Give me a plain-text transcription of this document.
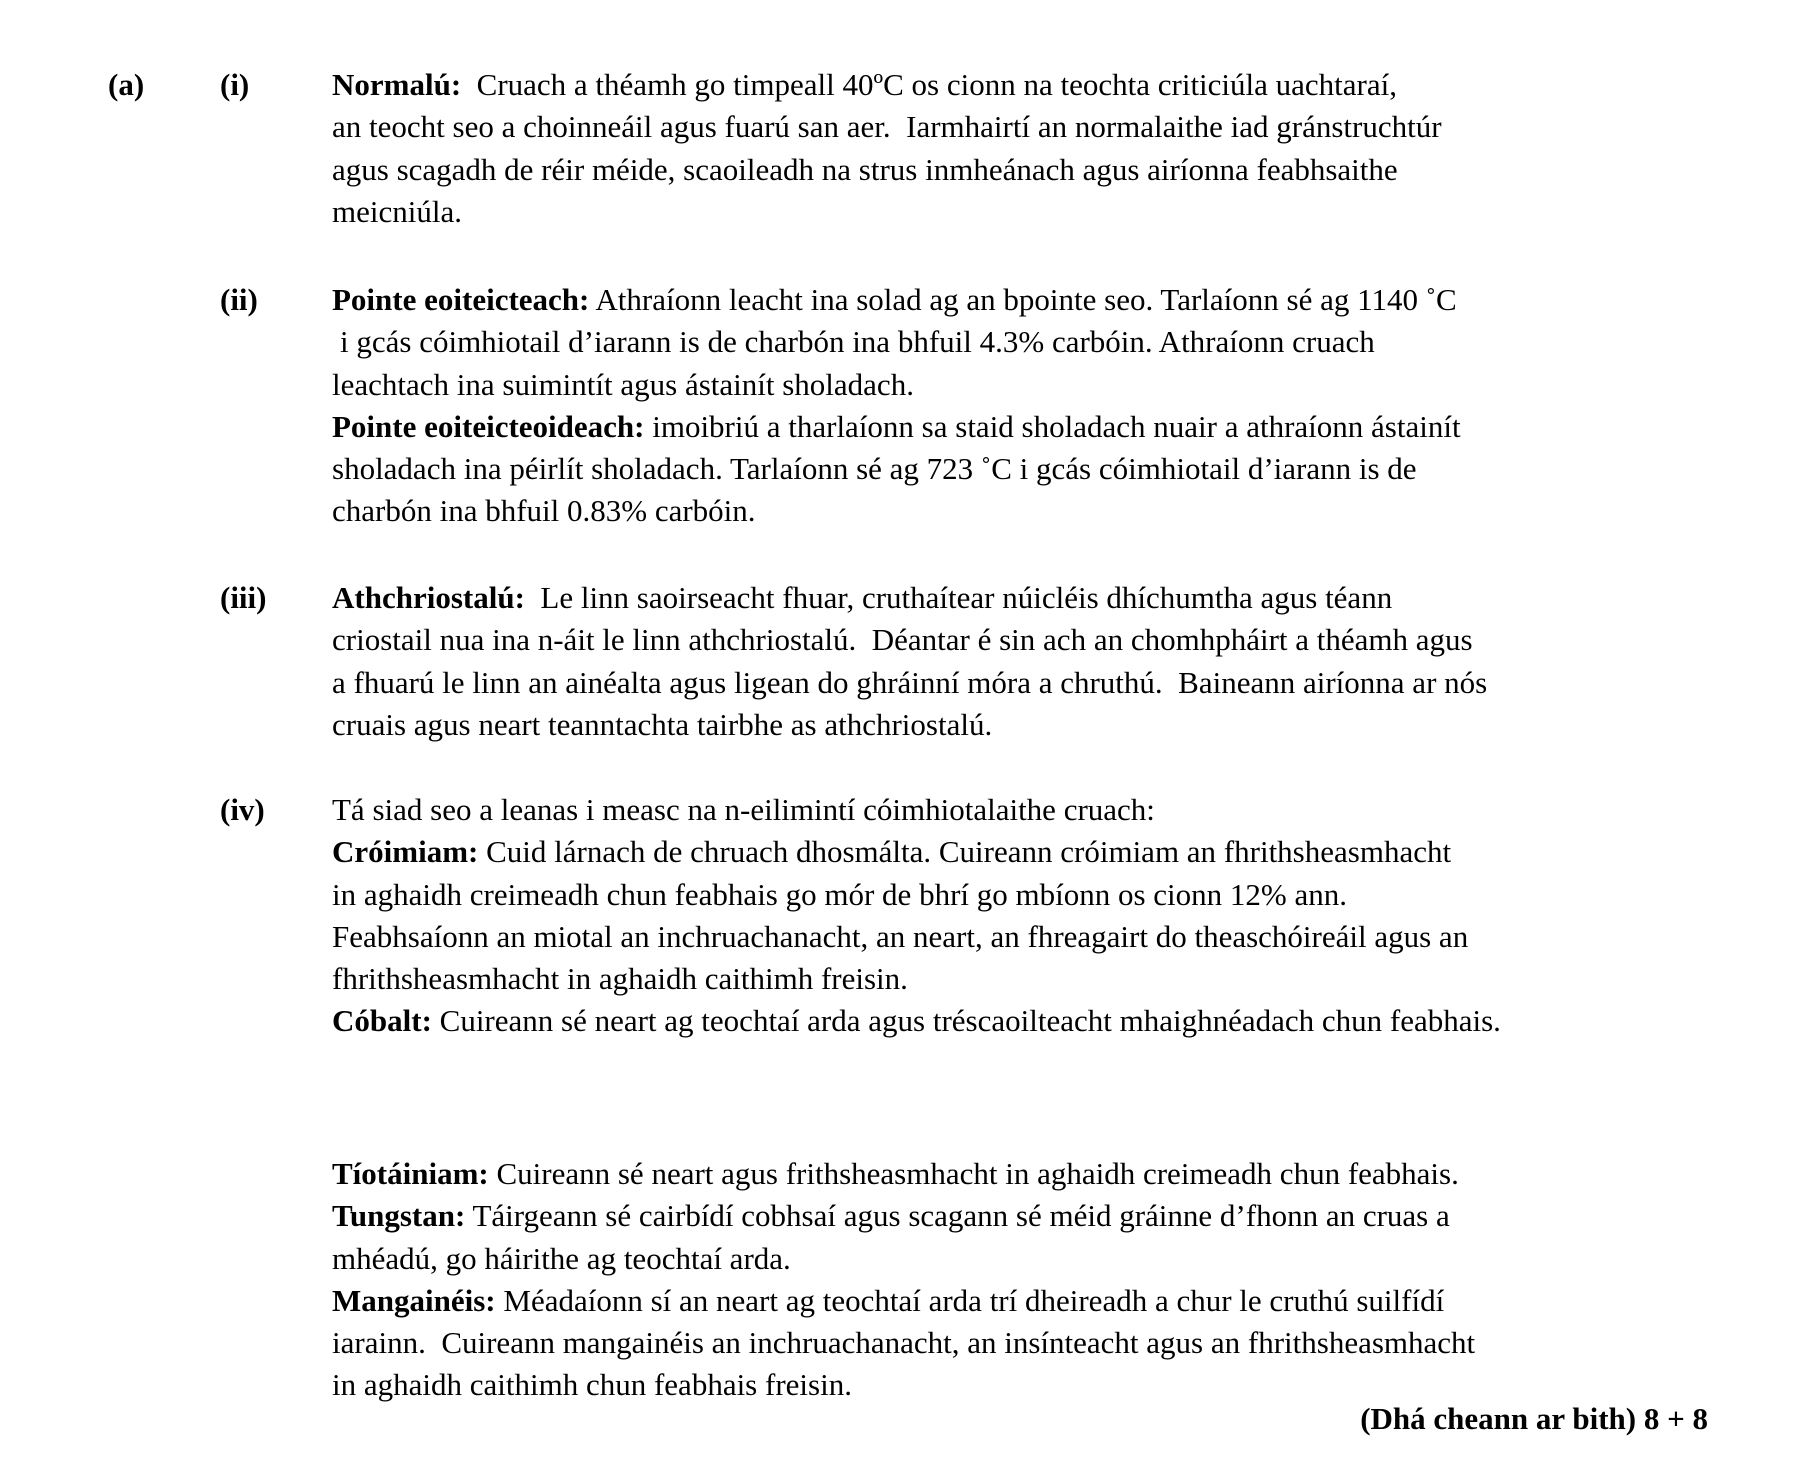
(a) (i)	Normalú:  Cruach a théamh go timpeall 40ºC os cionn na teochta criticiúla uachtaraí,
an teocht seo a choinneáil agus fuarú san aer.  Iarmhairtí an normalaithe iad gránstruchtúr
agus scagadh de réir méide, scaoileadh na strus inmheánach agus airíonna feabhsaithe
meicniúla.
(ii) Pointe eoiteicteach: Athraíonn leacht ina solad ag an bpointe seo. Tarlaíonn sé ag 1140 ˚C
i gcás cóimhiotail d’iarann is de charbón ina bhfuil 4.3% carbóin. Athraíonn cruach
leachtach ina suimintít agus ástainít sholadach.
Pointe eoiteicteoideach: imoibriú a tharlaíonn sa staid sholadach nuair a athraíonn ástainít
sholadach ina péirlít sholadach. Tarlaíonn sé ag 723 ˚C i gcás cóimhiotail d’iarann is de
charbón ina bhfuil 0.83% carbóin.
(iii) Athchriostalú:  Le linn saoirseacht fhuar, cruthaítear núicléis dhíchumtha agus téann
criostail nua ina n-áit le linn athchriostalú.  Déantar é sin ach an chomhpháirt a théamh agus
a fhuarú le linn an ainéalta agus ligean do ghráinní móra a chruthú.  Baineann airíonna ar nós
cruais agus neart teanntachta tairbhe as athchriostalú.
(iv) Tá siad seo a leanas i measc na n-eilimintí cóimhiotalaithe cruach:
Cróimiam: Cuid lárnach de chruach dhosmálta. Cuireann cróimiam an fhrithsheasmhacht
in aghaidh creimeadh chun feabhais go mór de bhrí go mbíonn os cionn 12% ann.
Feabhsaíonn an miotal an inchruachanacht, an neart, an fhreagairt do theaschóireáil agus an
fhrithsheasmhacht in aghaidh caithimh freisin.
Cóbalt: Cuireann sé neart ag teochtaí arda agus tréscaoilteacht mhaighnéadach chun feabhais.
Tíotáiniam: Cuireann sé neart agus frithsheasmhacht in aghaidh creimeadh chun feabhais.
Tungstan: Táirgeann sé cairbídí cobhsaí agus scagann sé méid gráinne d’fhonn an cruas a
mhéadú, go háirithe ag teochtaí arda.
Mangainéis: Méadaíonn sí an neart ag teochtaí arda trí dheireadh a chur le cruthú suilfídí
iarainn.  Cuireann mangainéis an inchruachanacht, an insínteacht agus an fhrithsheasmhacht
in aghaidh caithimh chun feabhais freisin.
(Dhá cheann ar bith) 8 + 8
